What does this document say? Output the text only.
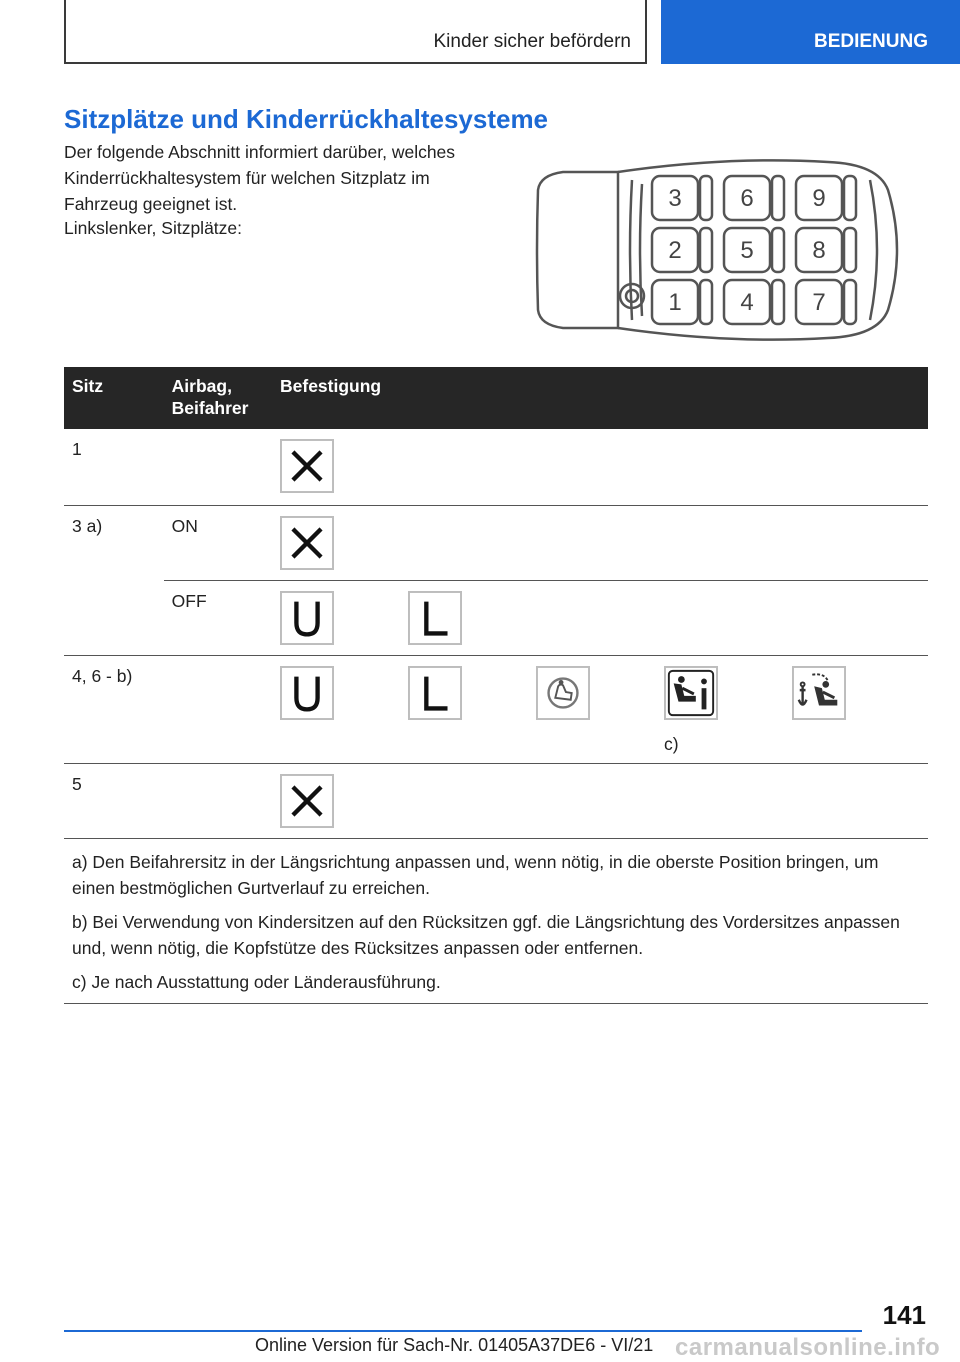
Kinder sicher befördern	BEDIENUNG
Sitzplätze und Kinderrückhaltesysteme

Der folgende Abschnitt informiert darüber, welches Kinderrückhaltesystem für welchen Sitzplatz im Fahrzeug geeignet ist.

Linkslenker, Sitzplätze:

3 6 9
2 5 8
1 4 7
Sitz	Airbag, Beifahrer	Befestigung
1		

3 a)	ON	

	OFF	

4, 6 - b)		c)

5		

a) Den Beifahrersitz in der Längsrichtung anpassen und, wenn nötig, in die oberste Position bringen, um einen bestmöglichen Gurtverlauf zu erreichen.

b) Bei Verwendung von Kindersitzen auf den Rücksitzen ggf. die Längsrichtung des Vordersitzes anpassen und, wenn nötig, die Kopfstütze des Rücksitzes anpassen oder entfernen.

c) Je nach Ausstattung oder Länderausführung.		

141
Online Version für Sach-Nr. 01405A37DE6 - VI/21 carmanualsonline.info
